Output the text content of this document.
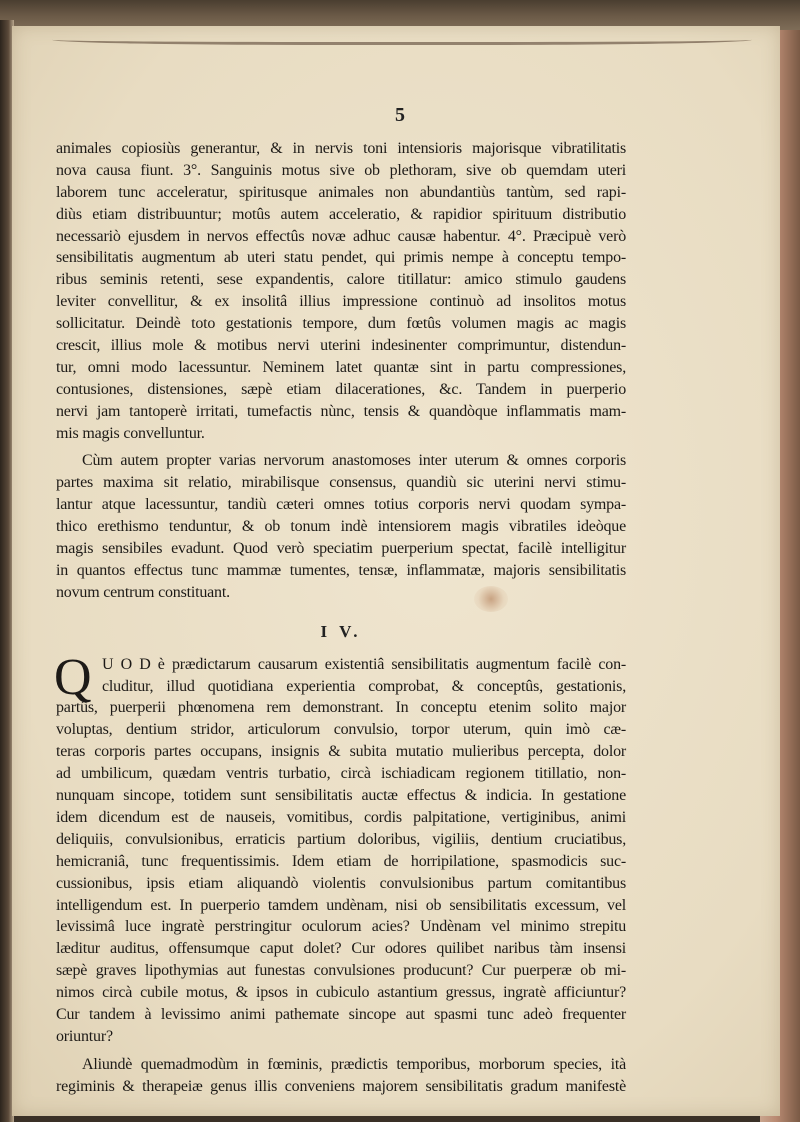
5
animales copiosiùs generantur, & in nervis toni intensioris majorisque vibratilitatis
nova causa fiunt. 3°. Sanguinis motus sive ob plethoram, sive ob quemdam uteri
laborem tunc acceleratur, spiritusque animales non abundantiùs tantùm, sed rapi-
diùs etiam distribuuntur; motûs autem acceleratio, & rapidior spirituum distributio
necessariò ejusdem in nervos effectûs novæ adhuc causæ habentur. 4°. Præcipuè verò
sensibilitatis augmentum ab uteri statu pendet, qui primis nempe à conceptu tempo-
ribus seminis retenti, sese expandentis, calore titillatur: amico stimulo gaudens
leviter convellitur, & ex insolitâ illius impressione continuò ad insolitos motus
sollicitatur. Deindè toto gestationis tempore, dum fœtûs volumen magis ac magis
crescit, illius mole & motibus nervi uterini indesinenter comprimuntur, distendun-
tur, omni modo lacessuntur. Neminem latet quantæ sint in partu compressiones,
contusiones, distensiones, sæpè etiam dilacerationes, &c. Tandem in puerperio
nervi jam tantoperè irritati, tumefactis nùnc, tensis & quandòque inflammatis mam-
mis magis convelluntur.
Cùm autem propter varias nervorum anastomoses inter uterum & omnes corporis
partes maxima sit relatio, mirabilisque consensus, quandiù sic uterini nervi stimu-
lantur atque lacessuntur, tandiù cæteri omnes totius corporis nervi quodam sympa-
thico erethismo tenduntur, & ob tonum indè intensiorem magis vibratiles ideòque
magis sensibiles evadunt. Quod verò speciatim puerperium spectat, facilè intelligitur
in quantos effectus tunc mammæ tumentes, tensæ, inflammatæ, majoris sensibilitatis
novum centrum constituant.
I V.
Q U O D è prædictarum causarum existentiâ sensibilitatis augmentum facilè con-
cluditur, illud quotidiana experientia comprobat, & conceptûs, gestationis,
partûs, puerperii phœnomena rem demonstrant. In conceptu etenim solito major
voluptas, dentium stridor, articulorum convulsio, torpor uterum, quin imò cæ-
teras corporis partes occupans, insignis & subita mutatio mulieribus percepta, dolor
ad umbilicum, quædam ventris turbatio, circà ischiadicam regionem titillatio, non-
nunquam sincope, totidem sunt sensibilitatis auctæ effectus & indicia. In gestatione
idem dicendum est de nauseis, vomitibus, cordis palpitatione, vertiginibus, animi
deliquiis, convulsionibus, erraticis partium doloribus, vigiliis, dentium cruciatibus,
hemicraniâ, tunc frequentissimis. Idem etiam de horripilatione, spasmodicis suc-
cussionibus, ipsis etiam aliquandò violentis convulsionibus partum comitantibus
intelligendum est. In puerperio tamdem undènam, nisi ob sensibilitatis excessum, vel
levissimâ luce ingratè perstringitur oculorum acies? Undènam vel minimo strepitu
læditur auditus, offensumque caput dolet? Cur odores quilibet naribus tàm insensi
sæpè graves lipothymias aut funestas convulsiones producunt? Cur puerperæ ob mi-
nimos circà cubile motus, & ipsos in cubiculo astantium gressus, ingratè afficiuntur?
Cur tandem à levissimo animi pathemate sincope aut spasmi tunc adeò frequenter
oriuntur?
Aliundè quemadmodùm in fœminis, prædictis temporibus, morborum species, ità
regiminis & therapeiæ genus illis conveniens majorem sensibilitatis gradum manifestè
